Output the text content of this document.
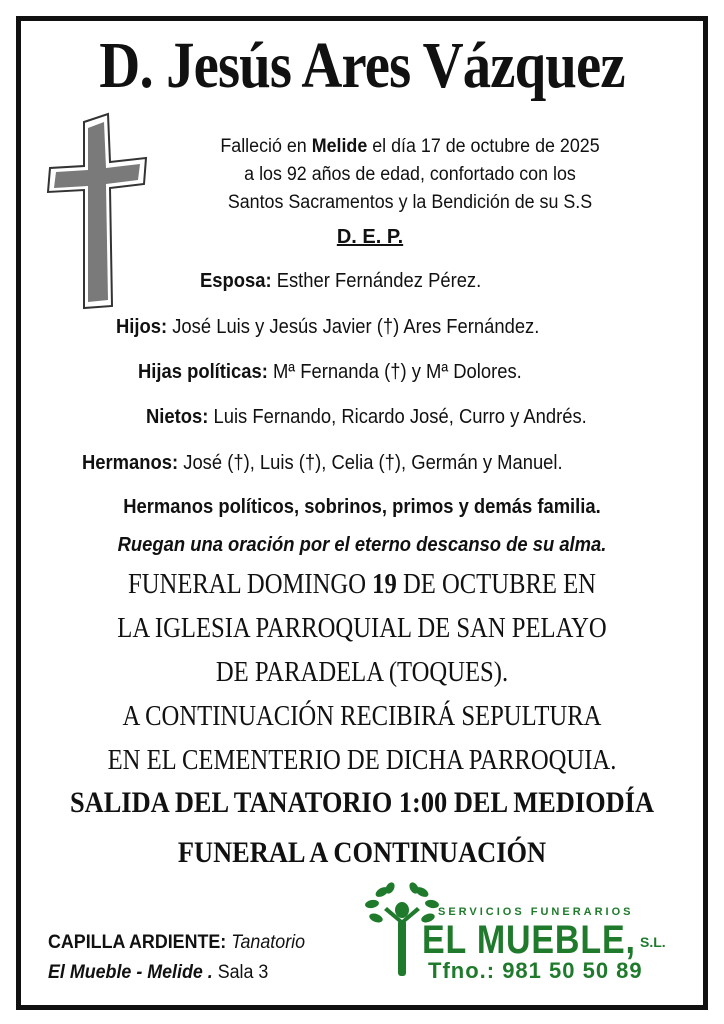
D. Jesús Ares Vázquez
Falleció en Melide el día 17 de octubre de 2025
a los 92 años de edad, confortado con los
Santos Sacramentos y la Bendición de su S.S
D. E. P.
Esposa: Esther Fernández Pérez.
Hijos: José Luis y Jesús Javier (†) Ares Fernández.
Hijas políticas: Mª Fernanda (†) y Mª Dolores.
Nietos: Luis Fernando, Ricardo José, Curro y Andrés.
Hermanos: José (†), Luis (†), Celia (†), Germán y Manuel.
Hermanos políticos, sobrinos, primos y demás familia.
Ruegan una oración por el eterno descanso de su alma.
FUNERAL DOMINGO 19 DE OCTUBRE EN
LA IGLESIA PARROQUIAL DE SAN PELAYO
DE PARADELA (TOQUES).
A CONTINUACIÓN RECIBIRÁ SEPULTURA
EN EL CEMENTERIO DE DICHA PARROQUIA.
SALIDA DEL TANATORIO 1:00 DEL MEDIODÍA
FUNERAL A CONTINUACIÓN
CAPILLA ARDIENTE: Tanatorio
El Mueble - Melide . Sala 3
SERVICIOS FUNERARIOS
EL MUEBLE, S.L.
Tfno.: 981 50 50 89
